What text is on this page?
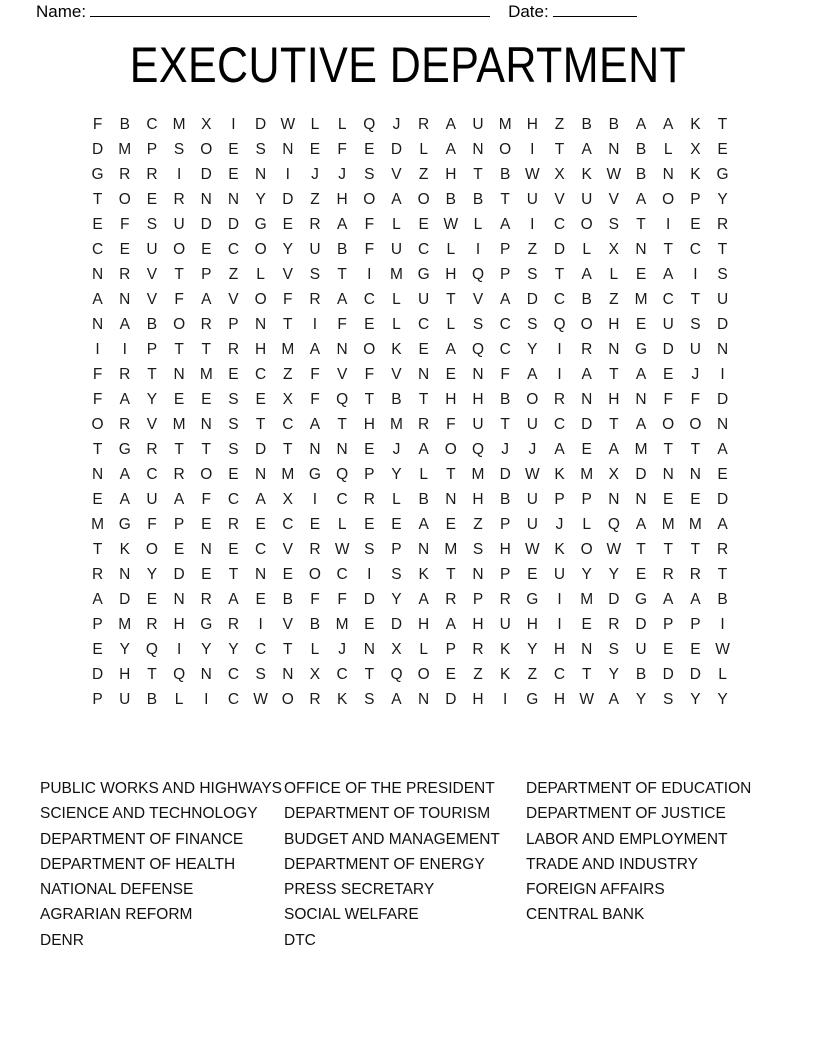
Name:	Date:
EXECUTIVE DEPARTMENT
F	B	C M	X	I	D W	L	L	Q	J	R	A	U M H	Z	B	B	A	A	K	T
D M	P	S	O	E	S	N	E	F	E	D	L	A	N	O	I	T	A	N	B	L	X	E
G	R	R	I	D	E	N	I	J	J	S	V	Z	H	T	B W X	K W B	N	K	G
T	O	E	R	N	N	Y	D	Z	H	O	A	O	B	B	T	U	V	U	V	A	O	P	Y
E	F	S	U	D	D	G	E	R	A	F	L	E W	L	A	I	C	O	S	T	I	E	R
C	E	U	O	E	C	O	Y	U	B	F	U	C	L	I	P	Z	D	L	X	N	T	C	T
N	R	V	T	P	Z	L	V	S	T	I	M G	H	Q	P	S	T	A	L	E	A	I	S
A	N	V	F	A	V	O	F	R	A	C	L	U	T	V	A	D	C	B	Z	M C	T	U
N	A	B	O	R	P	N	T	I	F	E	L	C	L	S	C	S	Q O	H	E	U	S	D
I	I	P	T	T	R	H M	A	N	O	K	E	A	Q	C	Y	I	R	N	G	D	U	N
F	R	T	N M	E	C	Z	F	V	F	V	N	E	N	F	A	I	A	T	A	E	J	I
F	A	Y	E	E	S	E	X	F	Q	T	B	T	H	H	B	O	R	N	H	N	F	F	D
O	R	V	M N	S	T	C	A	T	H M R	F	U	T	U	C	D	T	A	O O	N
T	G	R	T	T	S	D	T	N	N	E	J	A	O Q	J	J	A	E	A	M	T	T	A
N	A	C	R	O	E	N M G Q	P	Y	L	T	M D W K	M	X	D	N	N	E
E	A	U	A	F	C	A	X	I	C	R	L	B	N	H	B	U	P	P	N	N	E	E	D
M G	F	P	E	R	E	C	E	L	E	E	A	E	Z	P	U	J	L	Q	A	M M	A
T	K	O	E	N	E	C	V	R W S	P	N M	S	H W K	O W T	T	T	R
R	N	Y	D	E	T	N	E	O	C	I	S	K	T	N	P	E	U	Y	Y	E	R	R	T
A	D	E	N	R	A	E	B	F	F	D	Y	A	R	P	R	G	I	M D	G	A	A	B
P	M R	H	G	R	I	V	B	M	E	D	H	A	H	U	H	I	E	R	D	P	P	I
E	Y	Q	I	Y	Y	C	T	L	J	N	X	L	P	R	K	Y	H	N	S	U	E	E W
D	H	T	Q	N	C	S	N	X	C	T	Q O	E	Z	K	Z	C	T	Y	B	D	D	L
P	U	B	L	I	C W O	R	K	S	A	N	D	H	I	G	H W A	Y	S	Y	Y
PUBLIC WORKS AND HIGHWAYS
SCIENCE AND TECHNOLOGY
DEPARTMENT OF FINANCE
DEPARTMENT OF HEALTH
NATIONAL DEFENSE
AGRARIAN REFORM
DENR
OFFICE OF THE PRESIDENT
DEPARTMENT OF TOURISM
BUDGET AND MANAGEMENT
DEPARTMENT OF ENERGY
PRESS SECRETARY
SOCIAL WELFARE
DTC
DEPARTMENT OF EDUCATION
DEPARTMENT OF JUSTICE
LABOR AND EMPLOYMENT
TRADE AND INDUSTRY
FOREIGN AFFAIRS
CENTRAL BANK
